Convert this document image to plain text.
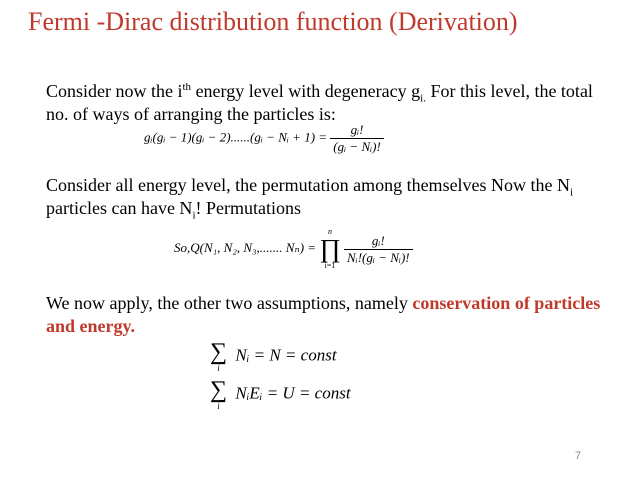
Fermi -Dirac distribution function (Derivation)
Consider now the $i^{th}$ energy level with degeneracy $g_{i.}$ For this level, the total no. of ways of arranging the particles is:
gᵢ(gᵢ − 1)(gᵢ − 2)......(gᵢ − Nᵢ + $1) = \frac{\text{gᵢ!}}{\text{(gᵢ − Nᵢ)!}}$
Consider all energy level, the permutation among themselves Now the $N_i$ particles can have $N_i$! Permutations
So,Q(N₁, N₂, N₃,....... Nₙ) =
n
∏
i=1
$\frac{\text{gᵢ!}}{\text{Nᵢ!(gᵢ − Nᵢ)!}}$
We now apply, the other two assumptions, namely conservation of particles and energy.
∑
i
Nᵢ = N = const
∑
i
NᵢEᵢ = U = const
7
